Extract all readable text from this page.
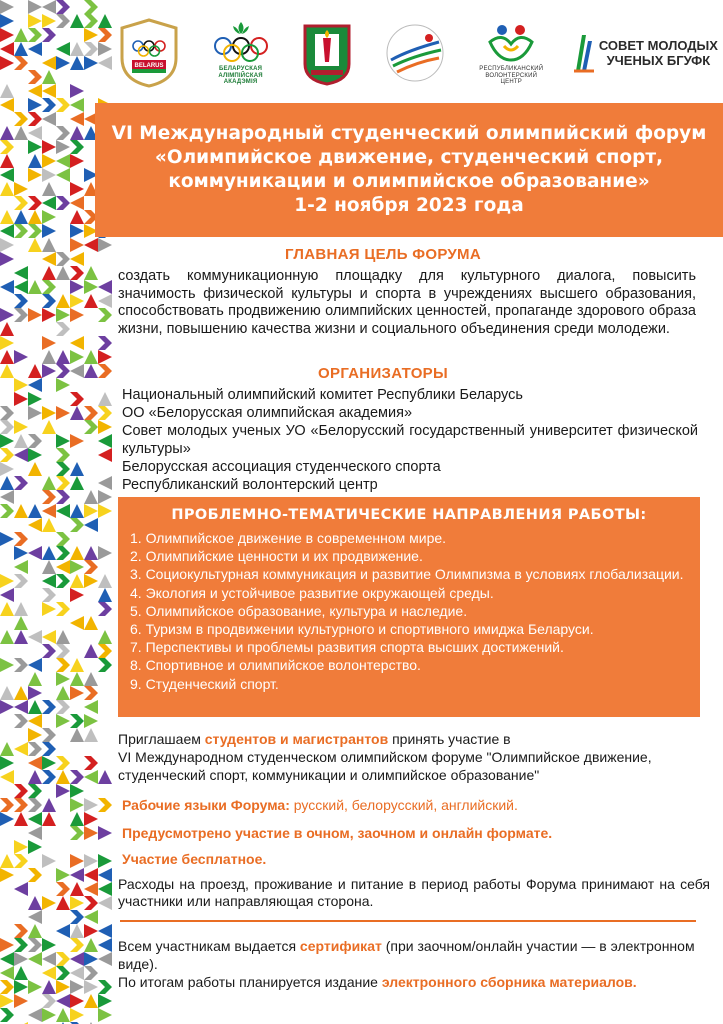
BELARUS	БЕЛАРУСКАЯ АЛІМПІЙСКАЯ АКАДЭМІЯ
РЕСПУБЛИКАНСКИЙ ВОЛОНТЕРСКИЙ ЦЕНТР
СОВЕТ МОЛОДЫХ
УЧЕНЫХ БГУФК
VI Международный студенческий олимпийский форум
«Олимпийское движение, студенческий спорт,
коммуникации и олимпийское образование»
1-2 ноября 2023 года
ГЛАВНАЯ ЦЕЛЬ ФОРУМА

создать коммуникационную площадку для культурного диалога, повысить значимость физической культуры и спорта в учреждениях высшего образования, способствовать продвижению олимпийских ценностей, пропаганде здорового образа жизни, повышению качества жизни и социального объединения среди молодежи.

ОРГАНИЗАТОРЫ
Национальный олимпийский комитет Республики Беларусь
ОО «Белорусская олимпийская академия»
Совет молодых ученых УО «Белорусский государственный университет физической культуры»
Белорусская ассоциация студенческого спорта
Республиканский волонтерский центр
ПРОБЛЕМНО-ТЕМАТИЧЕСКИЕ НАПРАВЛЕНИЯ РАБОТЫ:
1. Олимпийское движение в современном мире.
2. Олимпийские ценности и их продвижение.
3. Социокультурная коммуникация и развитие Олимпизма в условиях глобализации.
4. Экология и устойчивое развитие окружающей среды.
5. Олимпийское образование, культура и наследие.
6. Туризм в продвижении культурного и спортивного имиджа Беларуси.
7. Перспективы и проблемы развития спорта высших достижений.
8. Спортивное и олимпийское волонтерство.
9. Студенческий спорт.
Приглашаем студентов и магистрантов принять участие в
VI Международном студенческом олимпийском форуме "Олимпийское движение,
студенческий спорт, коммуникации и олимпийское образование"
Рабочие языки Форума: русский, белорусский, английский.
Предусмотрено участие в очном, заочном и онлайн формате.
Участие бесплатное.

Расходы на проезд, проживание и питание в период работы Форума принимают на себя участники или направляющая сторона.

Всем участникам выдается сертификат (при заочном/онлайн участии — в электронном виде).
По итогам работы планируется издание электронного сборника материалов.
